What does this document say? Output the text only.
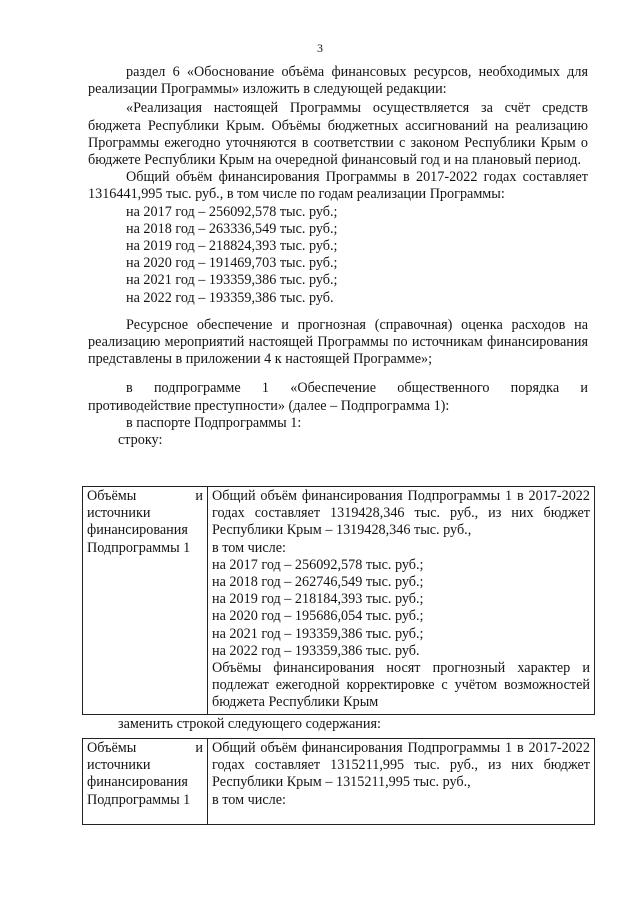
3

раздел 6 «Обоснование объёма финансовых ресурсов, необходимых для реализации Программы» изложить в следующей редакции:

«Реализация настоящей Программы осуществляется за счёт средств бюджета Республики Крым. Объёмы бюджетных ассигнований на реализацию Программы ежегодно уточняются в соответствии с законом Республики Крым о бюджете Республики Крым на очередной финансовый год и на плановый период.

Общий объём финансирования Программы в 2017-2022 годах составляет 1316441,995 тыс. руб., в том числе по годам реализации Программы:

на 2017 год – 256092,578 тыс. руб.;
на 2018 год – 263336,549 тыс. руб.;
на 2019 год – 218824,393 тыс. руб.;
на 2020 год – 191469,703 тыс. руб.;
на 2021 год – 193359,386 тыс. руб.;
на 2022 год – 193359,386 тыс. руб.

Ресурсное обеспечение и прогнозная (справочная) оценка расходов на реализацию мероприятий настоящей Программы по источникам финансирования представлены в приложении 4 к настоящей Программе»;

в подпрограмме 1 «Обеспечение общественного порядка и противодействие преступности» (далее – Подпрограмма 1):

в паспорте Подпрограммы 1:

строку:

Объёмы	и
источники
финансирования
Подпрограммы 1

Общий объём финансирования Подпрограммы 1 в 2017-2022 годах составляет 1319428,346 тыс. руб., из них бюджет Республики Крым – 1319428,346 тыс. руб.,
в том числе:
на 2017 год – 256092,578 тыс. руб.;
на 2018 год – 262746,549 тыс. руб.;
на 2019 год – 218184,393 тыс. руб.;
на 2020 год – 195686,054 тыс. руб.;
на 2021 год – 193359,386 тыс. руб.;
на 2022 год – 193359,386 тыс. руб.
Объёмы финансирования носят прогнозный характер и подлежат ежегодной корректировке с учётом возможностей бюджета Республики Крым

заменить строкой следующего содержания:

Объёмы	и
источники
финансирования
Подпрограммы 1

Общий объём финансирования Подпрограммы 1 в 2017-2022 годах составляет 1315211,995 тыс. руб., из них бюджет Республики Крым – 1315211,995 тыс. руб.,
в том числе:
